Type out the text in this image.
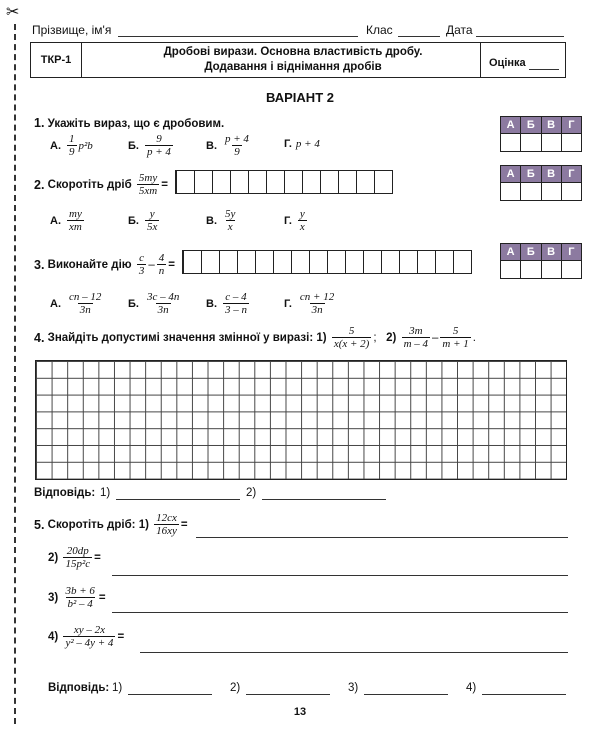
✂
Прізвище, ім'я	Клас	Дата
ТКР-1
Дробові вирази. Основна властивість дробу.
Додавання і віднімання дробів	Оцінка
ВАРІАНТ 2
1. Укажіть вираз, що є дробовим.
А. $\frac{1}{9} p^2b$	Б. $\frac{9}{p + 4}$	В. $\frac{p + 4}{9}$	Г. p + 4
А	Б	В	Г
2.
Скоротіть дріб
$\frac{5my}{5xm}$ =
А. $\frac{my}{xm}$	Б. $\frac{y}{5x}$	В. $\frac{5y}{x}$	Г. $\frac{y}{x}$
А	Б	В	Г
3.
Виконайте дію
$\frac{c}{3} - \frac{4}{n}$ =
А. $\frac{cn - 12}{3n} Б$. $\frac{3c - 4n}{3n} В$. $\frac{c - 4}{3 - n}$	Г. $\frac{cn + 12}{3n}$
А	Б	В	Г
4.
Знайдіть допустимі значення змінної у виразі: 1)
$\frac{5}{x(x + 2)}$ ;
2)
$\frac{3m}{m - 4} - \frac{5}{m + 1}$ .
Відповідь: 1)	2)
5.
Скоротіть дріб: 1)
$\frac{12cx}{16xy}$ =
2)
$\frac{20dp}{\text{15p²c}}$ =
3)
$\frac{3b + 6}{\text{b² – 4}}$ =
4)
$\frac{xy - 2x}{\text{y² – 4y + 4}}$ =
Відповідь: 1)	2)	3)	4)
13
